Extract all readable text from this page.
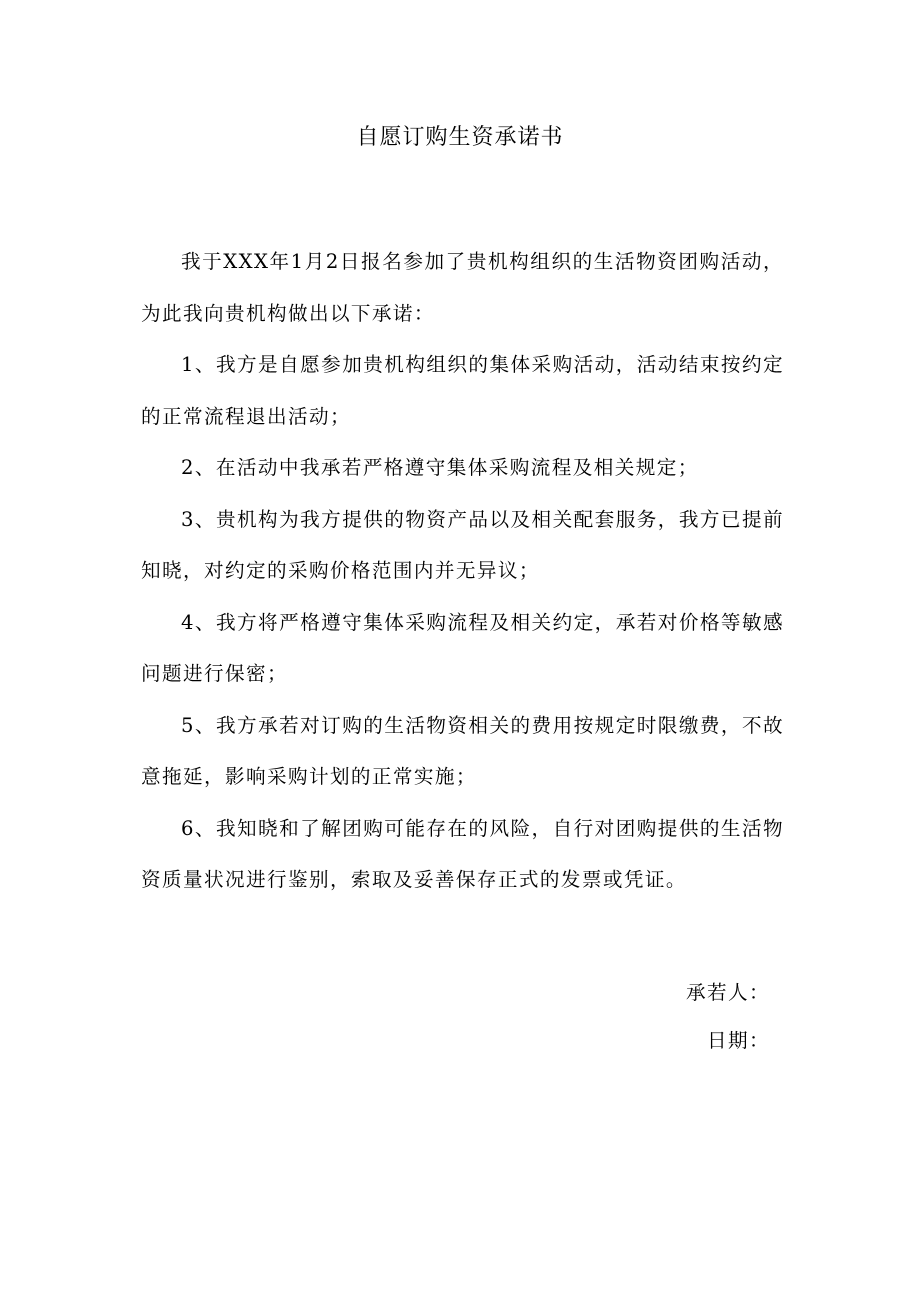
自愿订购生资承诺书

我于XXX年1月2日报名参加了贵机构组织的生活物资团购活动，为此我向贵机构做出以下承诺：

1、我方是自愿参加贵机构组织的集体采购活动，活动结束按约定的正常流程退出活动；

2、在活动中我承若严格遵守集体采购流程及相关规定；

3、贵机构为我方提供的物资产品以及相关配套服务，我方已提前知晓，对约定的采购价格范围内并无异议；

4、我方将严格遵守集体采购流程及相关约定，承若对价格等敏感问题进行保密；

5、我方承若对订购的生活物资相关的费用按规定时限缴费，不故意拖延，影响采购计划的正常实施；

6、我知晓和了解团购可能存在的风险，自行对团购提供的生活物资质量状况进行鉴别，索取及妥善保存正式的发票或凭证。

承若人：
日期：
